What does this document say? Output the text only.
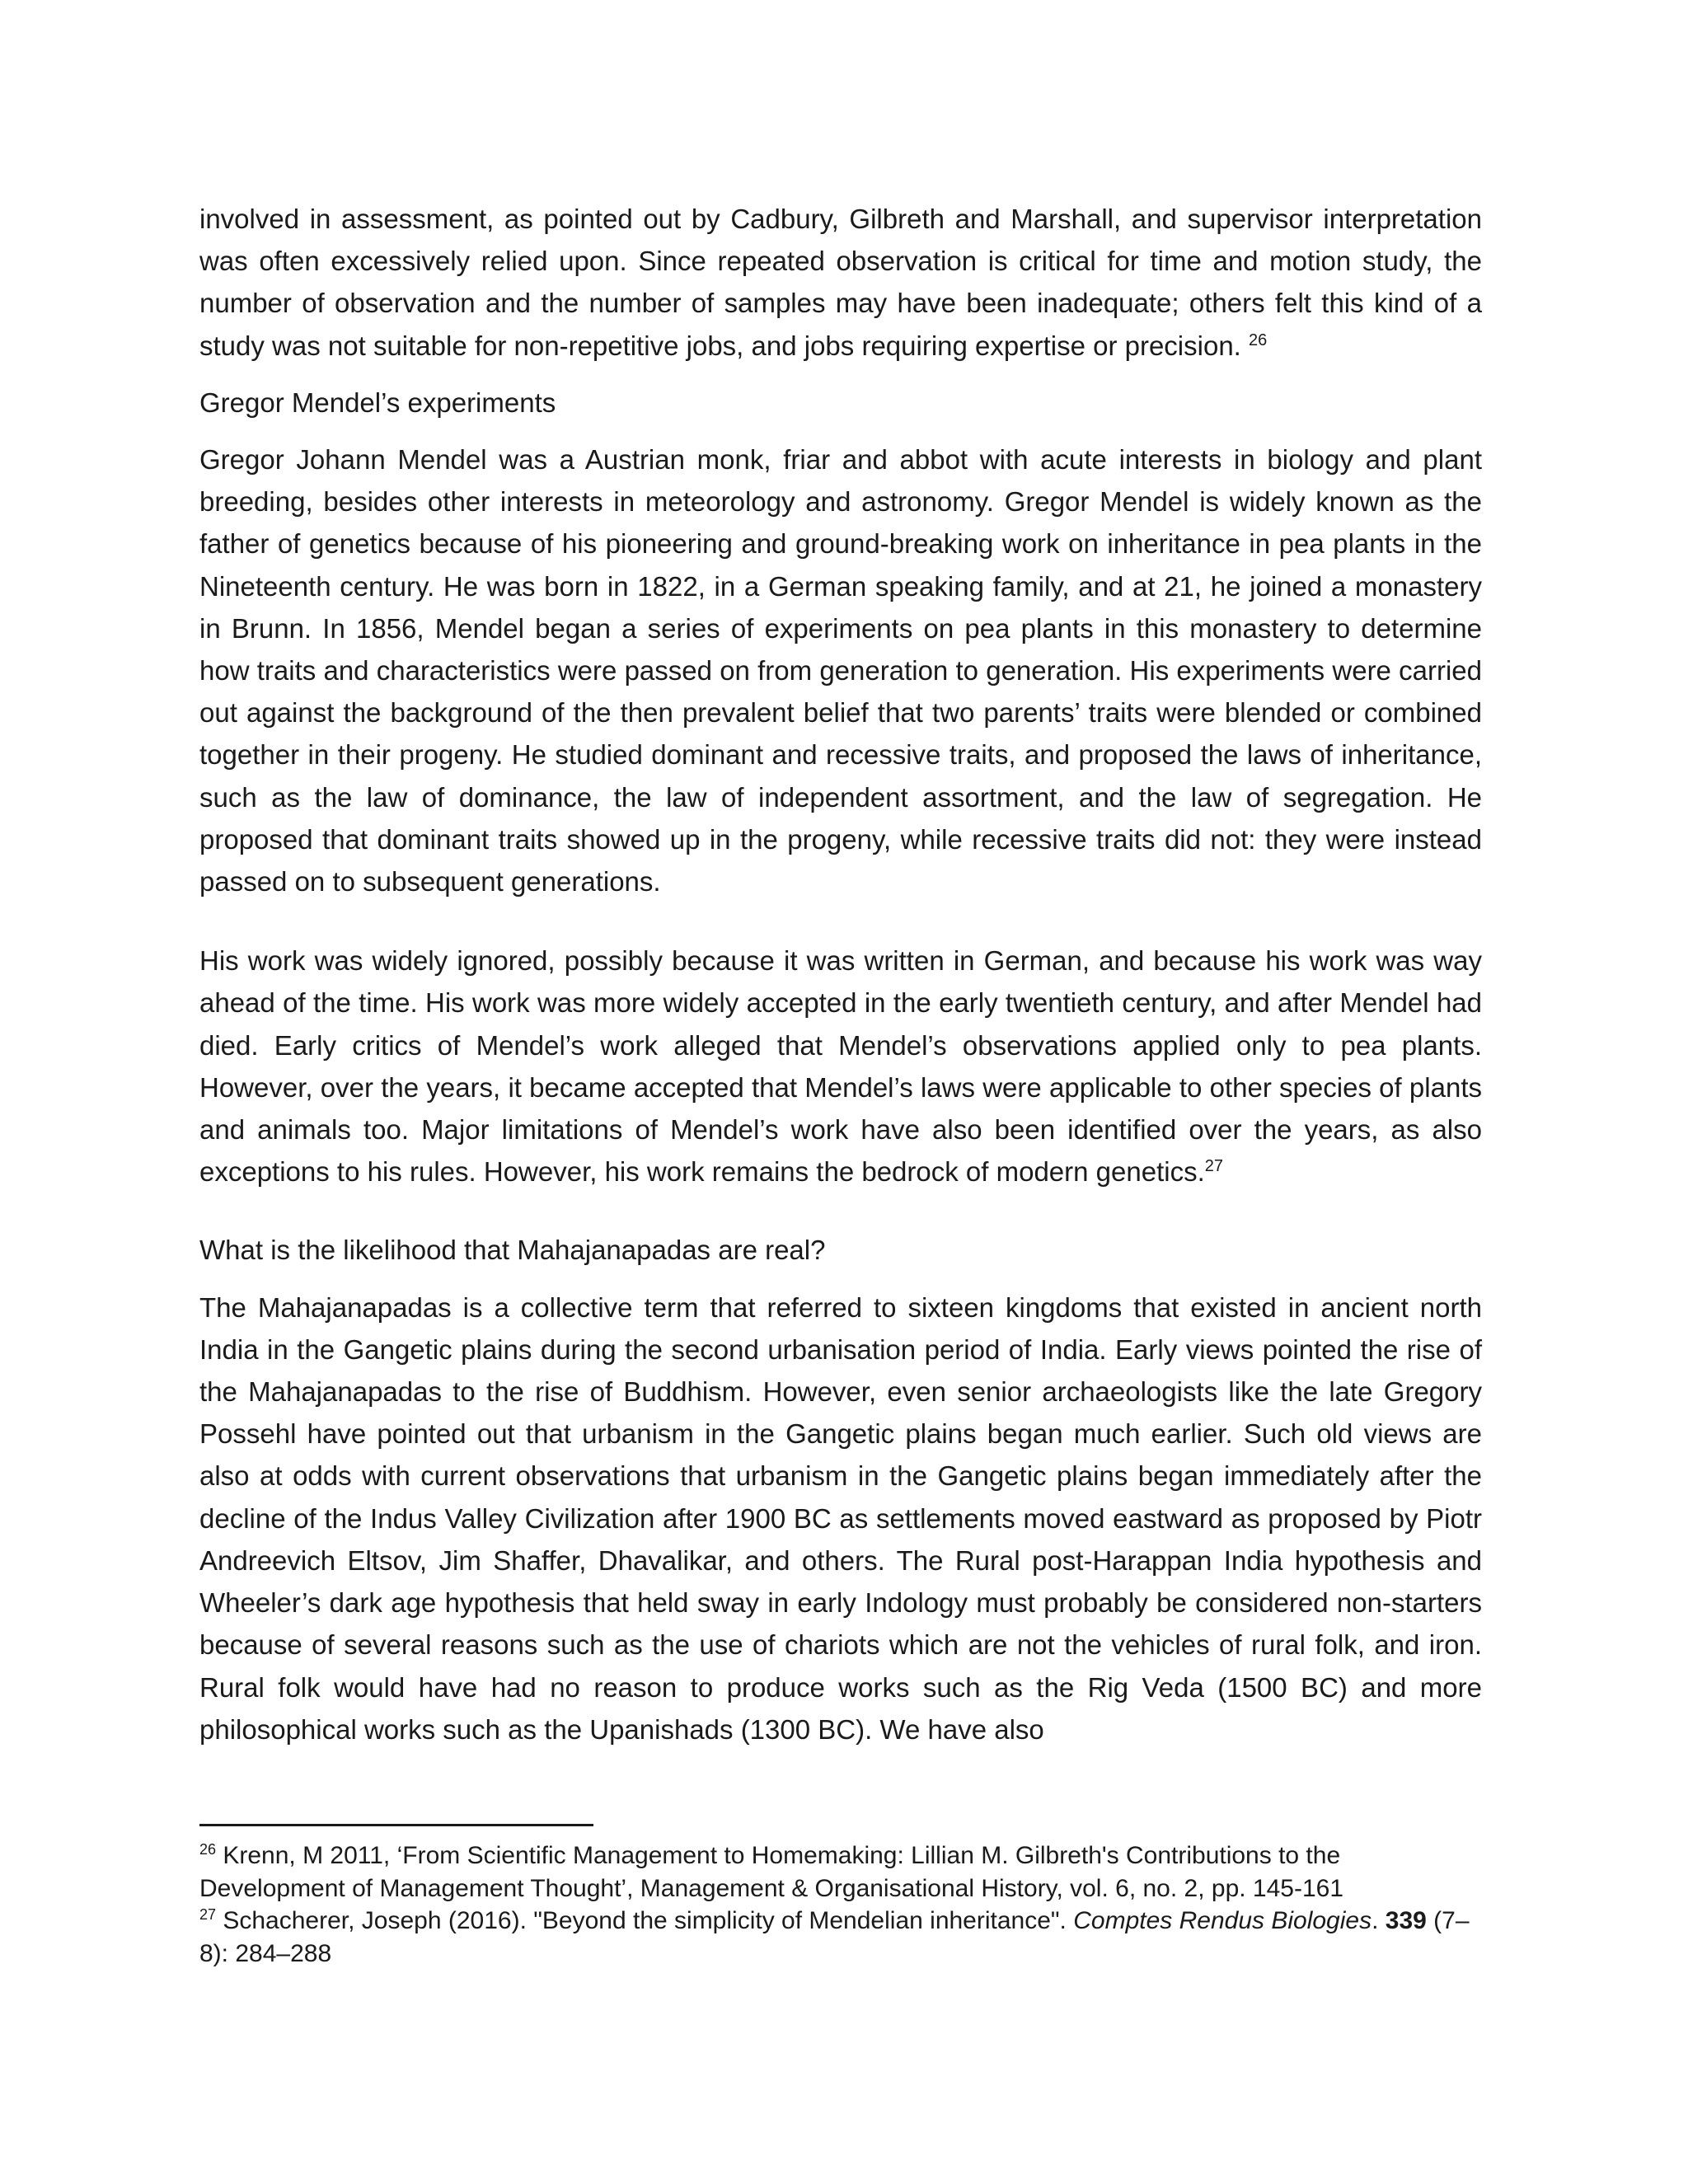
involved in assessment, as pointed out by Cadbury, Gilbreth and Marshall, and supervisor interpretation was often excessively relied upon. Since repeated observation is critical for time and motion study, the number of observation and the number of samples may have been inadequate; others felt this kind of a study was not suitable for non-repetitive jobs, and jobs requiring expertise or precision. $^{26}$

Gregor Mendel’s experiments

Gregor Johann Mendel was a Austrian monk, friar and abbot with acute interests in biology and plant breeding, besides other interests in meteorology and astronomy. Gregor Mendel is widely known as the father of genetics because of his pioneering and ground-breaking work on inheritance in pea plants in the Nineteenth century. He was born in 1822, in a German speaking family, and at 21, he joined a monastery in Brunn. In 1856, Mendel began a series of experiments on pea plants in this monastery to determine how traits and characteristics were passed on from generation to generation. His experiments were carried out against the background of the then prevalent belief that two parents’ traits were blended or combined together in their progeny. He studied dominant and recessive traits, and proposed the laws of inheritance, such as the law of dominance, the law of independent assortment, and the law of segregation. He proposed that dominant traits showed up in the progeny, while recessive traits did not: they were instead passed on to subsequent generations.

His work was widely ignored, possibly because it was written in German, and because his work was way ahead of the time. His work was more widely accepted in the early twentieth century, and after Mendel had died. Early critics of Mendel’s work alleged that Mendel’s observations applied only to pea plants. However, over the years, it became accepted that Mendel’s laws were applicable to other species of plants and animals too. Major limitations of Mendel’s work have also been identified over the years, as also exceptions to his rules. However, his work remains the bedrock of modern genetics.$^{27}$

What is the likelihood that Mahajanapadas are real?

The Mahajanapadas is a collective term that referred to sixteen kingdoms that existed in ancient north India in the Gangetic plains during the second urbanisation period of India. Early views pointed the rise of the Mahajanapadas to the rise of Buddhism. However, even senior archaeologists like the late Gregory Possehl have pointed out that urbanism in the Gangetic plains began much earlier. Such old views are also at odds with current observations that urbanism in the Gangetic plains began immediately after the decline of the Indus Valley Civilization after 1900 BC as settlements moved eastward as proposed by Piotr Andreevich Eltsov, Jim Shaffer, Dhavalikar, and others. The Rural post-Harappan India hypothesis and Wheeler’s dark age hypothesis that held sway in early Indology must probably be considered non-starters because of several reasons such as the use of chariots which are not the vehicles of rural folk, and iron. Rural folk would have had no reason to produce works such as the Rig Veda (1500 BC) and more philosophical works such as the Upanishads (1300 BC). We have also

$^{26}$ Krenn, M 2011, ‘From Scientific Management to Homemaking: Lillian M. Gilbreth's Contributions to the Development of Management Thought’, Management & Organisational History, vol. 6, no. 2, pp. 145-161

$^{27}$ Schacherer, Joseph (2016). "Beyond the simplicity of Mendelian inheritance". Comptes Rendus Biologies. 339 (7–8): 284–288
